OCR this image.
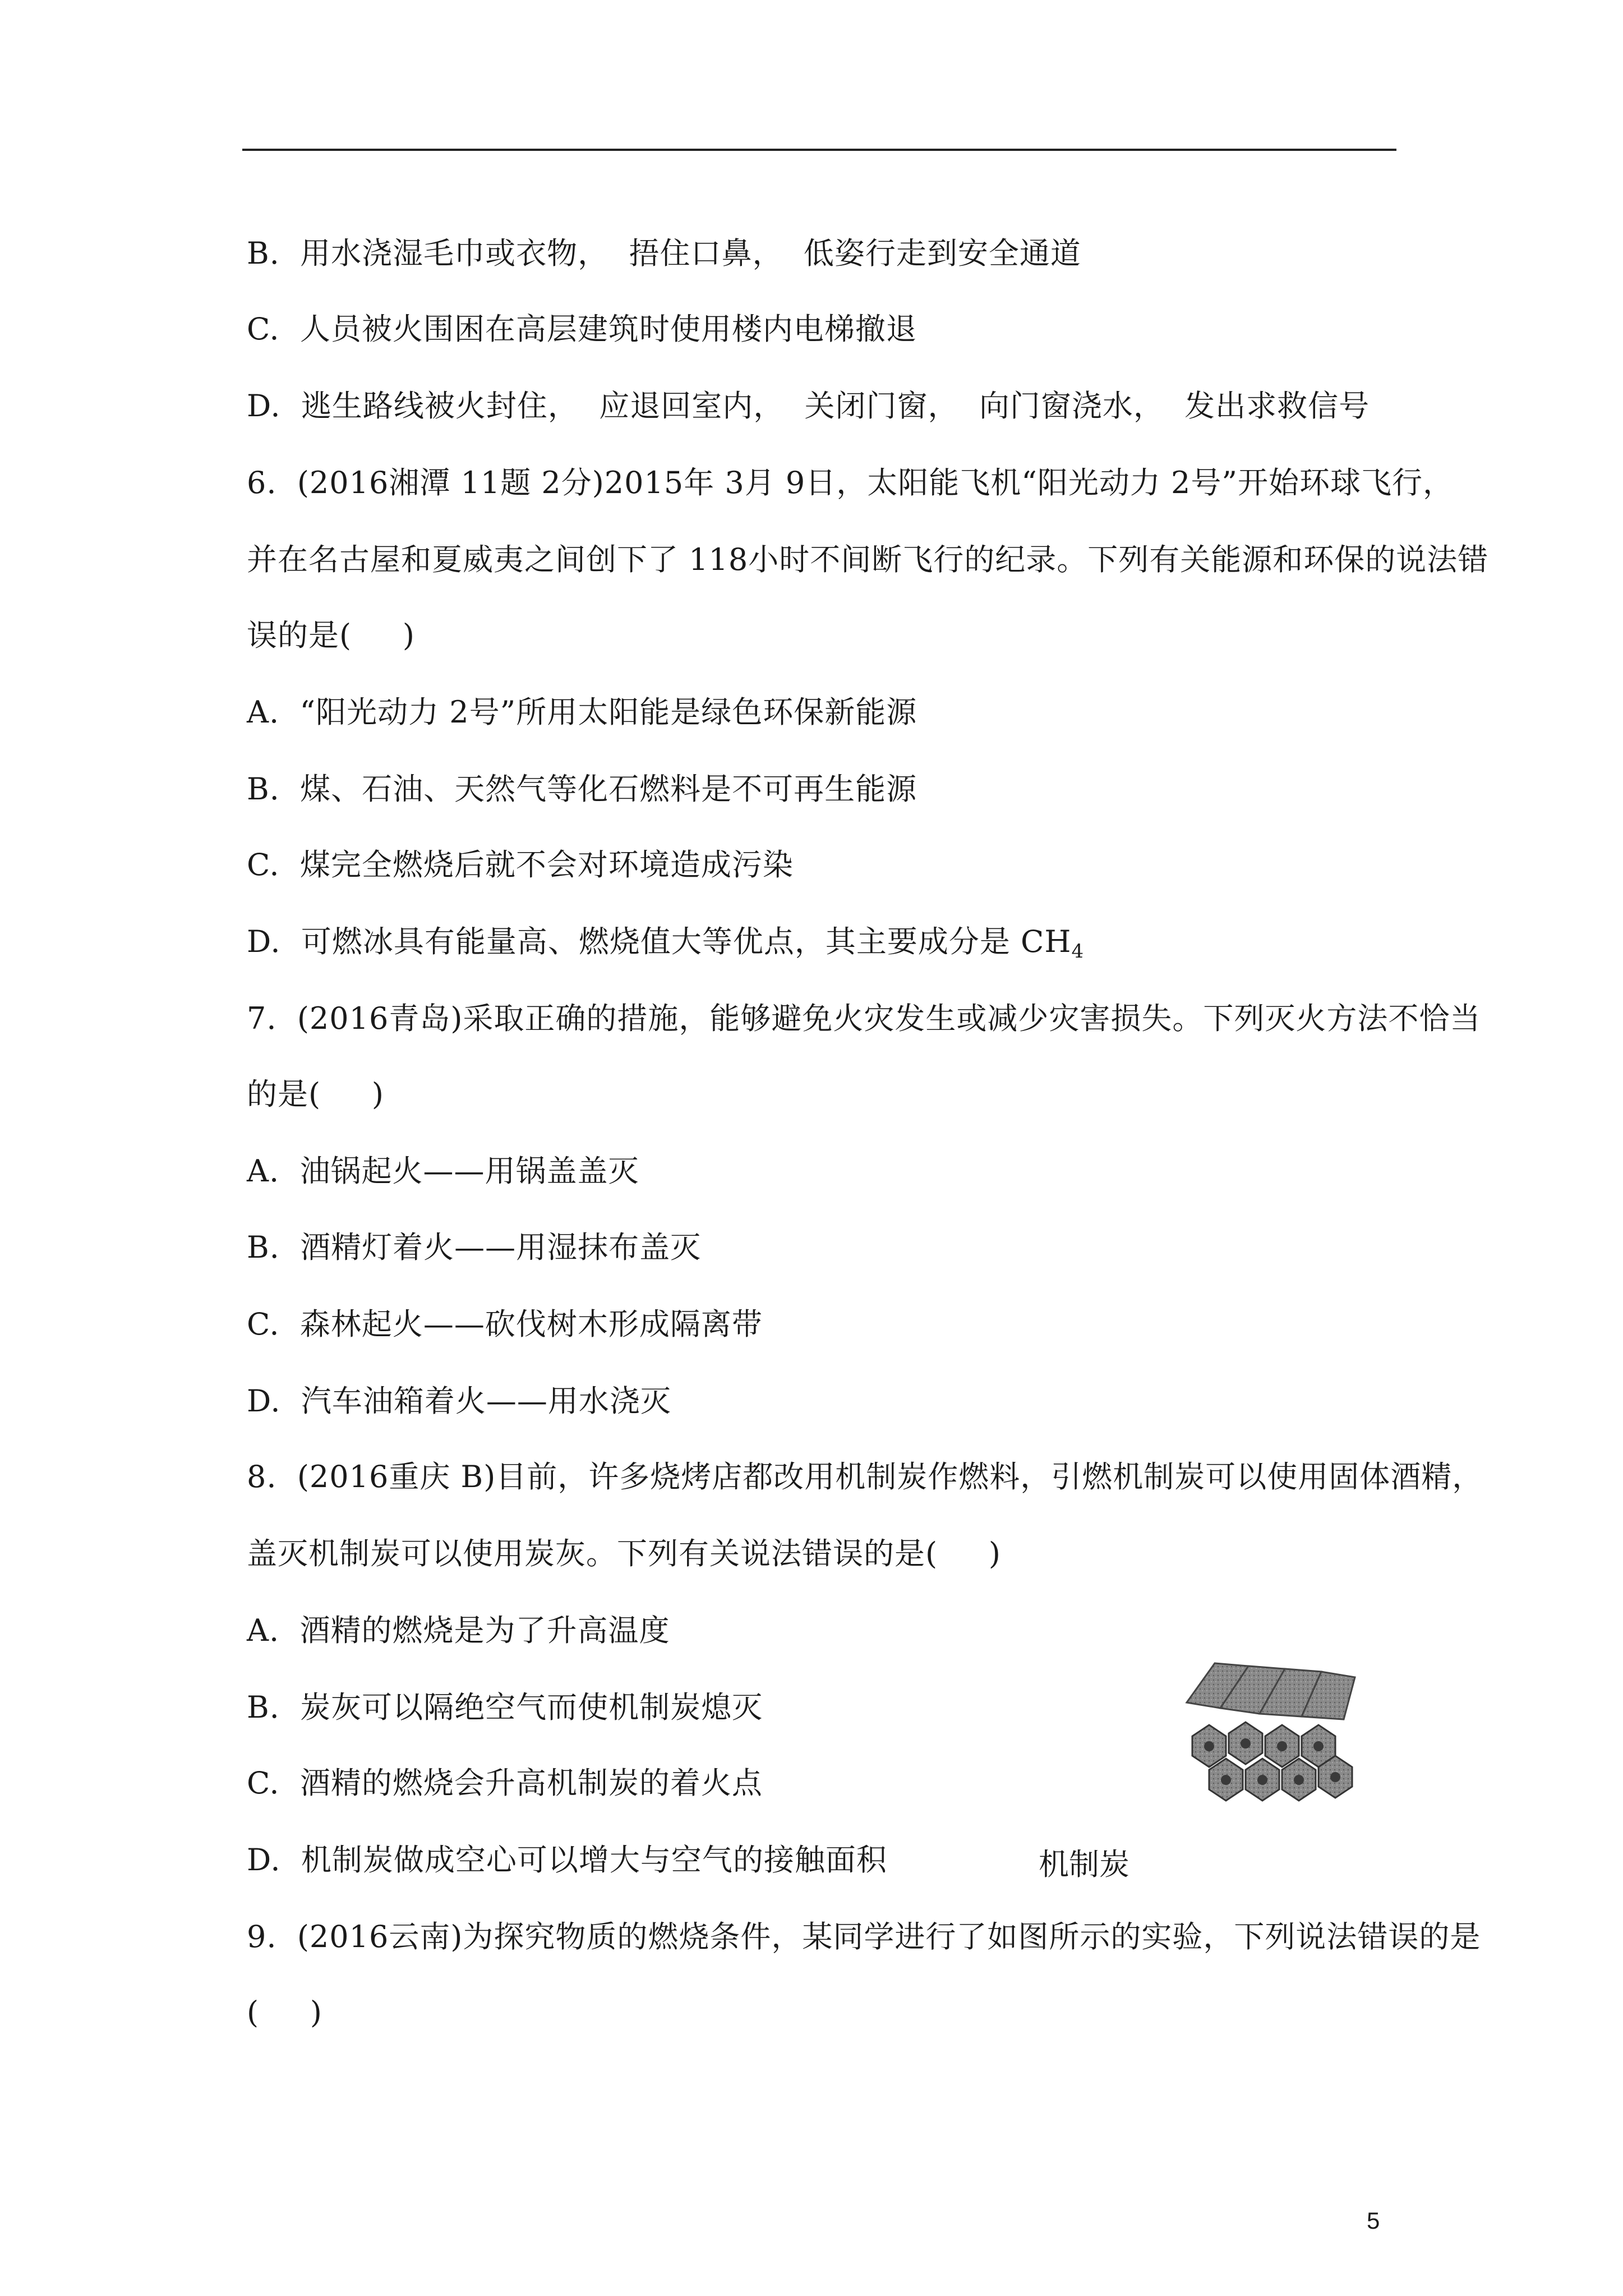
B.  用水浇湿毛巾或衣物，  捂住口鼻，  低姿行走到安全通道
C.  人员被火围困在高层建筑时使用楼内电梯撤退
D.  逃生路线被火封住，  应退回室内，  关闭门窗，  向门窗浇水，  发出求救信号
6.  (2016湘潭 11题 2分)2015年 3月 9日，太阳能飞机“阳光动力 2号”开始环球飞行，
并在名古屋和夏威夷之间创下了 118小时不间断飞行的纪录。下列有关能源和环保的说法错
误的是(     )
A.  “阳光动力 2号”所用太阳能是绿色环保新能源
B.  煤、石油、天然气等化石燃料是不可再生能源
C.  煤完全燃烧后就不会对环境造成污染
D.  可燃冰具有能量高、燃烧值大等优点，其主要成分是 $CH_4$
7.  (2016青岛)采取正确的措施，能够避免火灾发生或减少灾害损失。下列灭火方法不恰当
的是(     )
A.  油锅起火——用锅盖盖灭
B.  酒精灯着火——用湿抹布盖灭
C.  森林起火——砍伐树木形成隔离带
D.  汽车油箱着火——用水浇灭
8.  (2016重庆 B)目前，许多烧烤店都改用机制炭作燃料，引燃机制炭可以使用固体酒精，
盖灭机制炭可以使用炭灰。下列有关说法错误的是(     )
A.  酒精的燃烧是为了升高温度
B.  炭灰可以隔绝空气而使机制炭熄灭
C.  酒精的燃烧会升高机制炭的着火点
D.  机制炭做成空心可以增大与空气的接触面积	机制炭
9.  (2016云南)为探究物质的燃烧条件，某同学进行了如图所示的实验，下列说法错误的是
(     )
5
